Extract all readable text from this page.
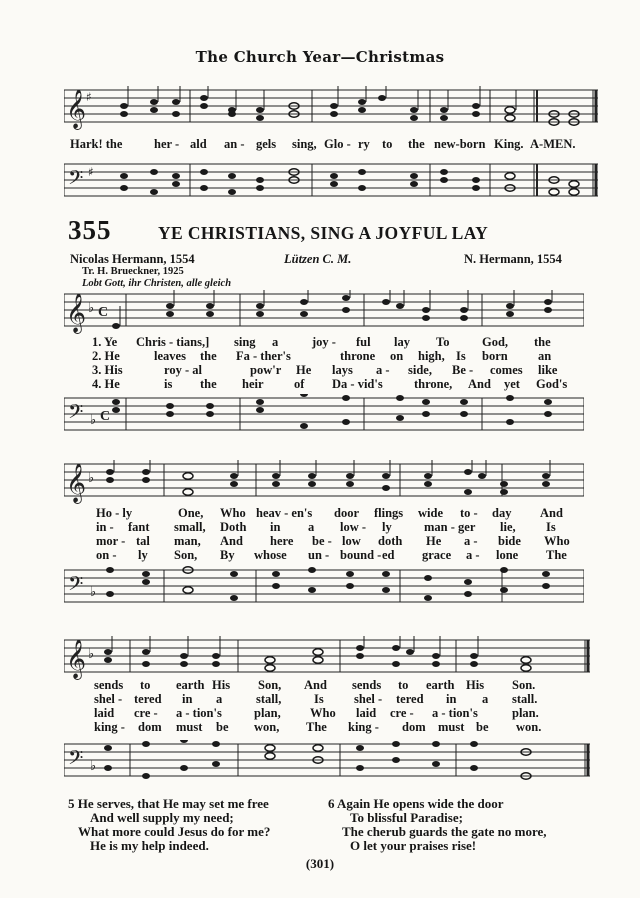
The Church Year—Christmas
𝄞 ♯
Hark! the	her - ald an - gels sing, Glo - ry to the new-born King. A-MEN.
𝄢 ♯
355	YE CHRISTIANS, SING A JOYFUL LAY
Nicolas Hermann, 1554	Lützen C. M.	N. Hermann, 1554
Tr. H. Brueckner, 1925
Lobt Gott, ihr Christen, alle gleich
𝄞 ♭ C
1. Ye Chris - tians,] sing a	joy - ful lay To	God, the
2. He	leaves the Fa - ther's	throne on high, Is born an
3. His	roy - al	pow'r He lays a - side, Be - comes like
4. He	is the heir of Da - vid's	throne, And yet God's
𝄢 ♭ C
𝄞 ♭
Ho - ly	One, Who heav - en's door flings wide to - day And
in - fant small, Doth in a low - ly	man - ger lie, Is
mor - tal man, And here be - low doth He a - bide Who
on - ly Son, By whose un - bound - ed grace a - lone The
𝄢 ♭
𝄞 ♭
sends to earth His Son, And sends to earth His Son.
shel - tered in a	stall,	Is shel - tered in a stall.
laid cre - a - tion's	plan, Who laid cre - a - tion's	plan.
king - dom must be won, The king - dom must be won.
𝄢 ♭
5 He serves, that He may set me free
And well supply my need;
What more could Jesus do for me?
He is my help indeed.
6 Again He opens wide the door
To blissful Paradise;
The cherub guards the gate no more,
O let your praises rise!
(301)
